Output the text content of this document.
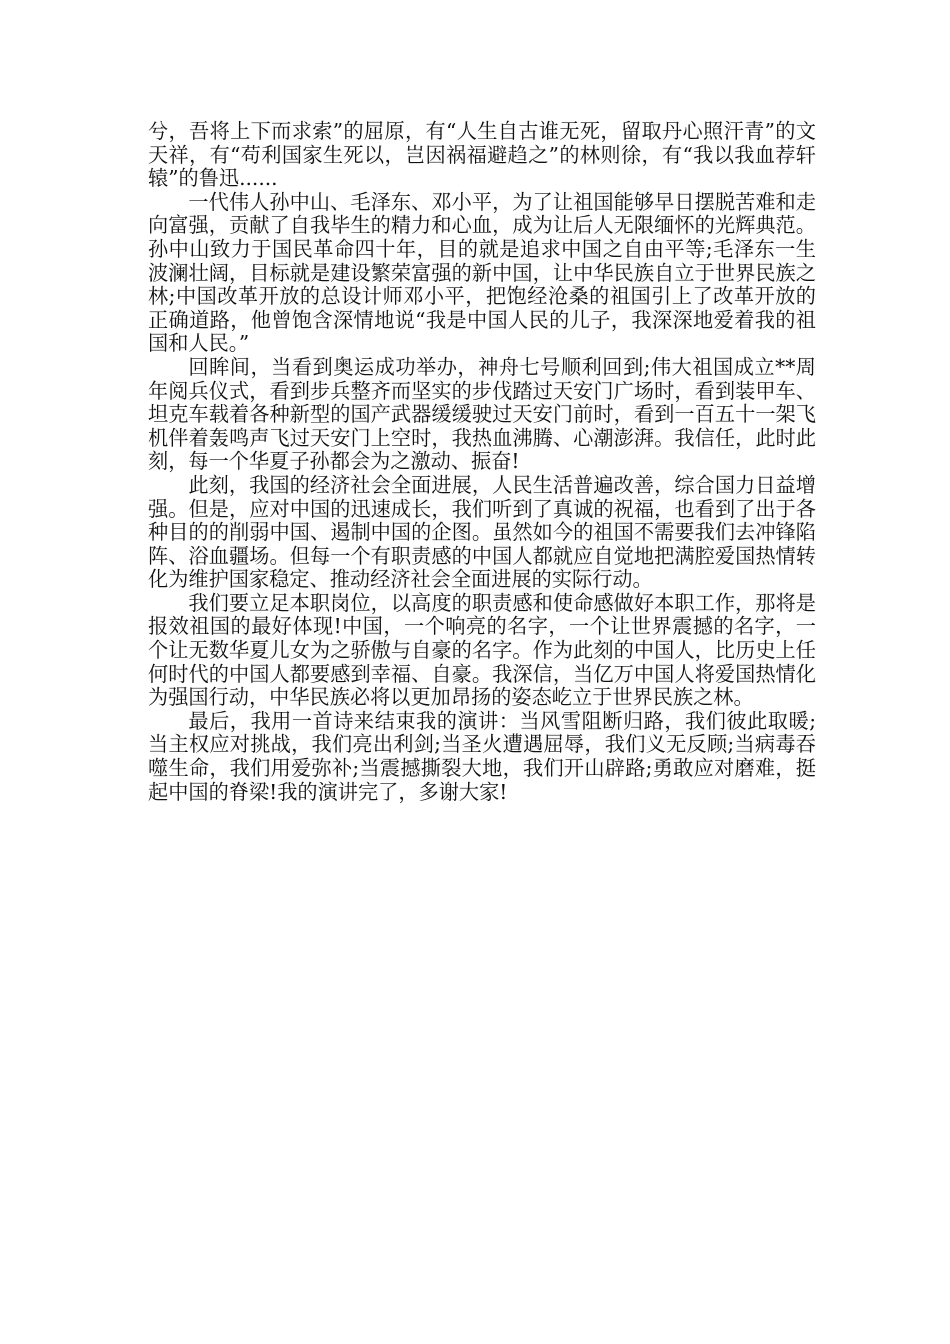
兮，吾将上下而求索”的屈原，有“人生自古谁无死，留取丹心照汗青”的文天祥，有“苟利国家生死以，岂因祸福避趋之”的林则徐，有“我以我血荐轩辕”的鲁迅......

一代伟人孙中山、毛泽东、邓小平，为了让祖国能够早日摆脱苦难和走向富强，贡献了自我毕生的精力和心血，成为让后人无限缅怀的光辉典范。孙中山致力于国民革命四十年，目的就是追求中国之自由平等;毛泽东一生波澜壮阔，目标就是建设繁荣富强的新中国，让中华民族自立于世界民族之林;中国改革开放的总设计师邓小平，把饱经沧桑的祖国引上了改革开放的正确道路，他曾饱含深情地说“我是中国人民的儿子，我深深地爱着我的祖国和人民。”

回眸间，当看到奥运成功举办，神舟七号顺利回到;伟大祖国成立**周年阅兵仪式，看到步兵整齐而坚实的步伐踏过天安门广场时，看到装甲车、坦克车载着各种新型的国产武器缓缓驶过天安门前时，看到一百五十一架飞机伴着轰鸣声飞过天安门上空时，我热血沸腾、心潮澎湃。我信任，此时此刻，每一个华夏子孙都会为之激动、振奋!

此刻，我国的经济社会全面进展，人民生活普遍改善，综合国力日益增强。但是，应对中国的迅速成长，我们听到了真诚的祝福，也看到了出于各种目的的削弱中国、遏制中国的企图。虽然如今的祖国不需要我们去冲锋陷阵、浴血疆场。但每一个有职责感的中国人都就应自觉地把满腔爱国热情转化为维护国家稳定、推动经济社会全面进展的实际行动。

我们要立足本职岗位，以高度的职责感和使命感做好本职工作，那将是报效祖国的最好体现!中国，一个响亮的名字，一个让世界震撼的名字，一个让无数华夏儿女为之骄傲与自豪的名字。作为此刻的中国人，比历史上任何时代的中国人都要感到幸福、自豪。我深信，当亿万中国人将爱国热情化为强国行动，中华民族必将以更加昂扬的姿态屹立于世界民族之林。

最后，我用一首诗来结束我的演讲：当风雪阻断归路，我们彼此取暖;当主权应对挑战，我们亮出利剑;当圣火遭遇屈辱，我们义无反顾;当病毒吞噬生命，我们用爱弥补;当震撼撕裂大地，我们开山辟路;勇敢应对磨难，挺起中国的脊梁!我的演讲完了，多谢大家!
